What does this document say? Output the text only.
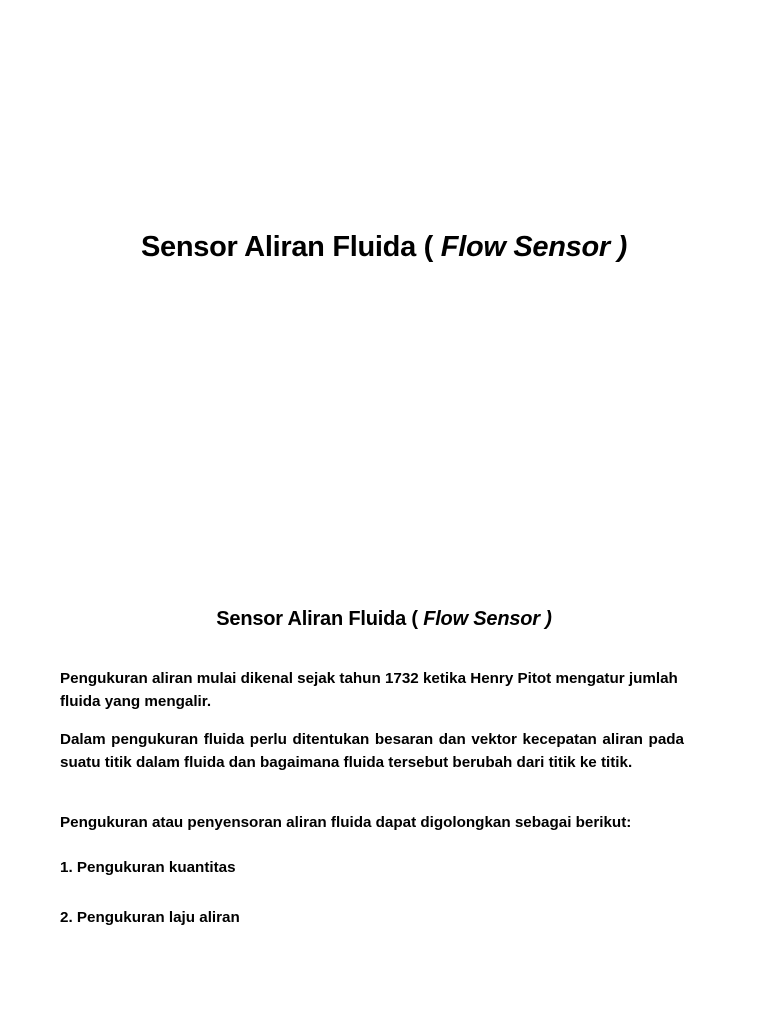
Sensor Aliran Fluida ( Flow Sensor )
Sensor Aliran Fluida ( Flow Sensor )

Pengukuran aliran mulai dikenal sejak tahun 1732 ketika Henry Pitot mengatur jumlah fluida yang mengalir.

Dalam pengukuran fluida perlu ditentukan besaran dan vektor kecepatan aliran pada suatu titik dalam fluida dan bagaimana fluida tersebut berubah dari titik ke titik.

Pengukuran atau penyensoran aliran fluida dapat digolongkan sebagai berikut:

1. Pengukuran kuantitas

2. Pengukuran laju aliran
